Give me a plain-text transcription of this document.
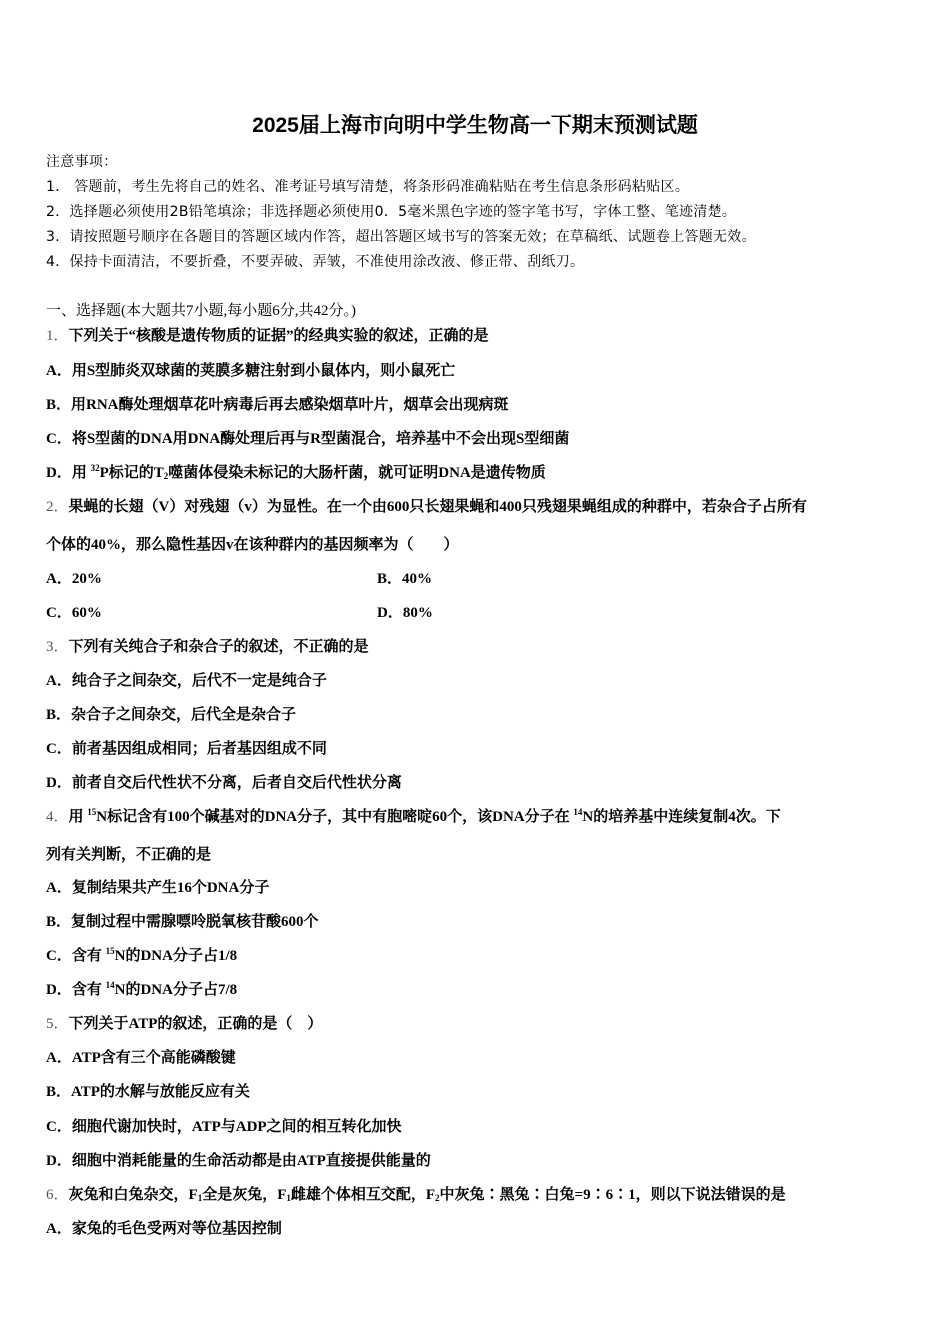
2025届上海市向明中学生物高一下期末预测试题
注意事项：
1． 答题前，考生先将自己的姓名、准考证号填写清楚，将条形码准确粘贴在考生信息条形码粘贴区。
2．选择题必须使用2B铅笔填涂；非选择题必须使用0．5毫米黑色字迹的签字笔书写，字体工整、笔迹清楚。
3．请按照题号顺序在各题目的答题区域内作答，超出答题区域书写的答案无效；在草稿纸、试题卷上答题无效。
4．保持卡面清洁，不要折叠，不要弄破、弄皱，不准使用涂改液、修正带、刮纸刀。
一、选择题(本大题共7小题,每小题6分,共42分。)
1．下列关于“核酸是遗传物质的证据”的经典实验的叙述，正确的是
A．用S型肺炎双球菌的荚膜多糖注射到小鼠体内，则小鼠死亡
B．用RNA酶处理烟草花叶病毒后再去感染烟草叶片，烟草会出现病斑
C．将S型菌的DNA用DNA酶处理后再与R型菌混合，培养基中不会出现S型细菌
D．用 $^{32}$P标记的$T_2$噬菌体侵染未标记的大肠杆菌，就可证明DNA是遗传物质
2．果蝇的长翅（V）对残翅（v）为显性。在一个由600只长翅果蝇和400只残翅果蝇组成的种群中，若杂合子占所有
个体的40%，那么隐性基因v在该种群内的基因频率为（　　）
A．20%	B．40%
C．60%	D．80%
3．下列有关纯合子和杂合子的叙述，不正确的是
A．纯合子之间杂交，后代不一定是纯合子
B．杂合子之间杂交，后代全是杂合子
C．前者基因组成相同；后者基因组成不同
D．前者自交后代性状不分离，后者自交后代性状分离
4．用 $^{15}$N标记含有100个碱基对的DNA分子，其中有胞嘧啶60个，该DNA分子在 $^{14}$N的培养基中连续复制4次。下
列有关判断，不正确的是
A．复制结果共产生16个DNA分子
B．复制过程中需腺嘌呤脱氧核苷酸600个
C．含有 $^{15}$N的DNA分子占1/8
D．含有 $^{14}$N的DNA分子占7/8
5．下列关于ATP的叙述，正确的是（　）
A．ATP含有三个高能磷酸键
B．ATP的水解与放能反应有关
C．细胞代谢加快时，ATP与ADP之间的相互转化加快
D．细胞中消耗能量的生命活动都是由ATP直接提供能量的
6．灰兔和白兔杂交，$F_1$全是灰兔，$F_1$雌雄个体相互交配，$F_2$中灰兔∶黑兔∶白兔=9∶6∶1，则以下说法错误的是
A．家兔的毛色受两对等位基因控制
